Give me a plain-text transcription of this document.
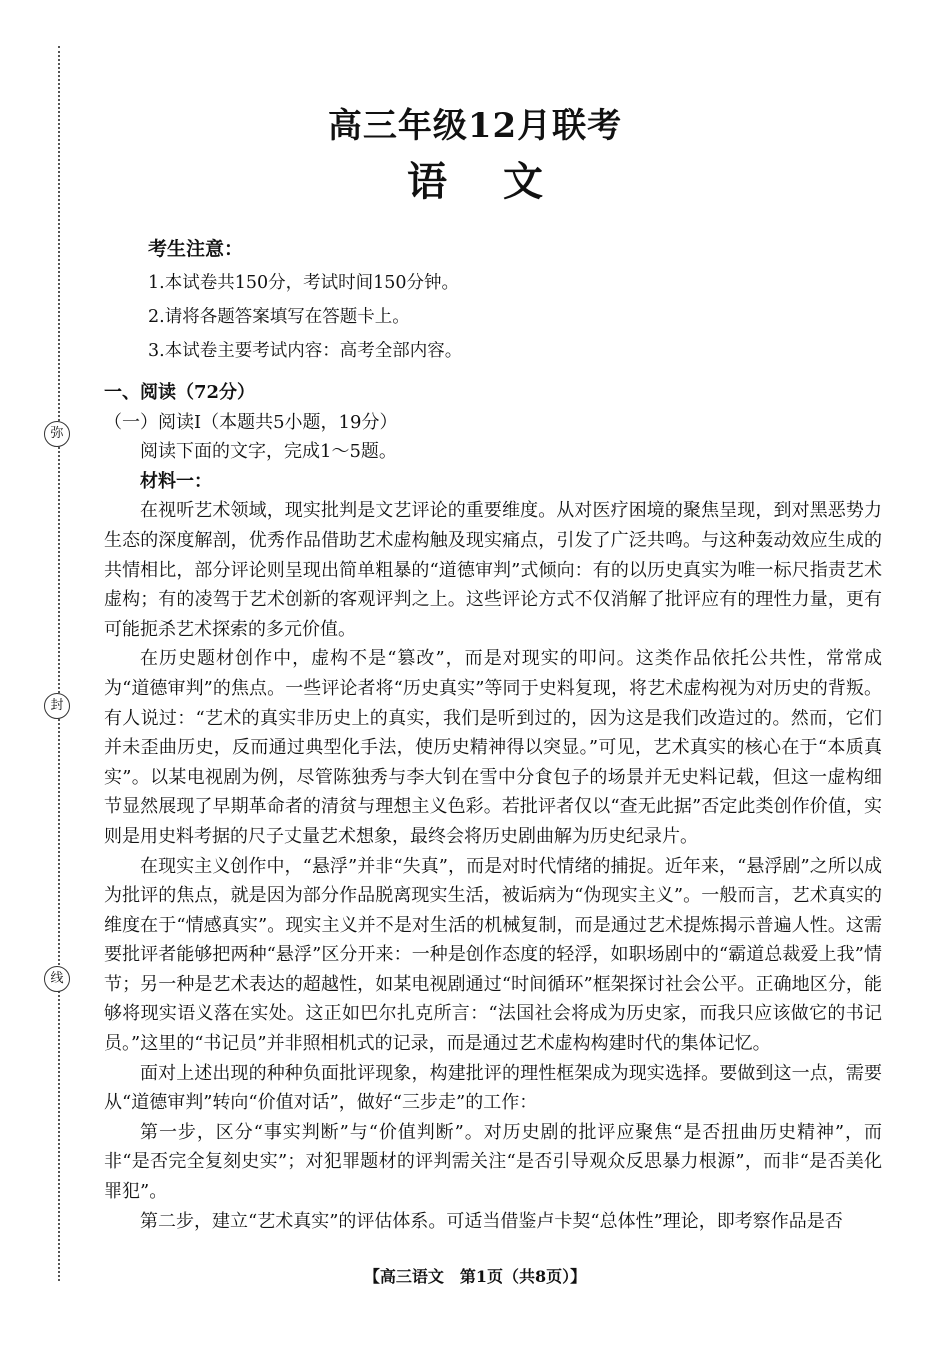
弥
封
线
高三年级12月联考
语文
考生注意：
1.本试卷共150分，考试时间150分钟。
2.请将各题答案填写在答题卡上。
3.本试卷主要考试内容：高考全部内容。
一、阅读（72分）
（一）阅读Ⅰ（本题共5小题，19分）
阅读下面的文字，完成1～5题。
材料一：

在视听艺术领域，现实批判是文艺评论的重要维度。从对医疗困境的聚焦呈现，到对黑恶势力生态的深度解剖，优秀作品借助艺术虚构触及现实痛点，引发了广泛共鸣。与这种轰动效应生成的共情相比，部分评论则呈现出简单粗暴的“道德审判”式倾向：有的以历史真实为唯一标尺指责艺术虚构；有的凌驾于艺术创新的客观评判之上。这些评论方式不仅消解了批评应有的理性力量，更有可能扼杀艺术探索的多元价值。

在历史题材创作中，虚构不是“篡改”，而是对现实的叩问。这类作品依托公共性，常常成为“道德审判”的焦点。一些评论者将“历史真实”等同于史料复现，将艺术虚构视为对历史的背叛。有人说过：“艺术的真实非历史上的真实，我们是听到过的，因为这是我们改造过的。然而，它们并未歪曲历史，反而通过典型化手法，使历史精神得以突显。”可见，艺术真实的核心在于“本质真实”。以某电视剧为例，尽管陈独秀与李大钊在雪中分食包子的场景并无史料记载，但这一虚构细节显然展现了早期革命者的清贫与理想主义色彩。若批评者仅以“查无此据”否定此类创作价值，实则是用史料考据的尺子丈量艺术想象，最终会将历史剧曲解为历史纪录片。

在现实主义创作中，“悬浮”并非“失真”，而是对时代情绪的捕捉。近年来，“悬浮剧”之所以成为批评的焦点，就是因为部分作品脱离现实生活，被诟病为“伪现实主义”。一般而言，艺术真实的维度在于“情感真实”。现实主义并不是对生活的机械复制，而是通过艺术提炼揭示普遍人性。这需要批评者能够把两种“悬浮”区分开来：一种是创作态度的轻浮，如职场剧中的“霸道总裁爱上我”情节；另一种是艺术表达的超越性，如某电视剧通过“时间循环”框架探讨社会公平。正确地区分，能够将现实语义落在实处。这正如巴尔扎克所言：“法国社会将成为历史家，而我只应该做它的书记员。”这里的“书记员”并非照相机式的记录，而是通过艺术虚构构建时代的集体记忆。

面对上述出现的种种负面批评现象，构建批评的理性框架成为现实选择。要做到这一点，需要从“道德审判”转向“价值对话”，做好“三步走”的工作：

第一步，区分“事实判断”与“价值判断”。对历史剧的批评应聚焦“是否扭曲历史精神”，而非“是否完全复刻史实”；对犯罪题材的评判需关注“是否引导观众反思暴力根源”，而非“是否美化罪犯”。

第二步，建立“艺术真实”的评估体系。可适当借鉴卢卡契“总体性”理论，即考察作品是否

【高三语文　第1页（共8页）】
